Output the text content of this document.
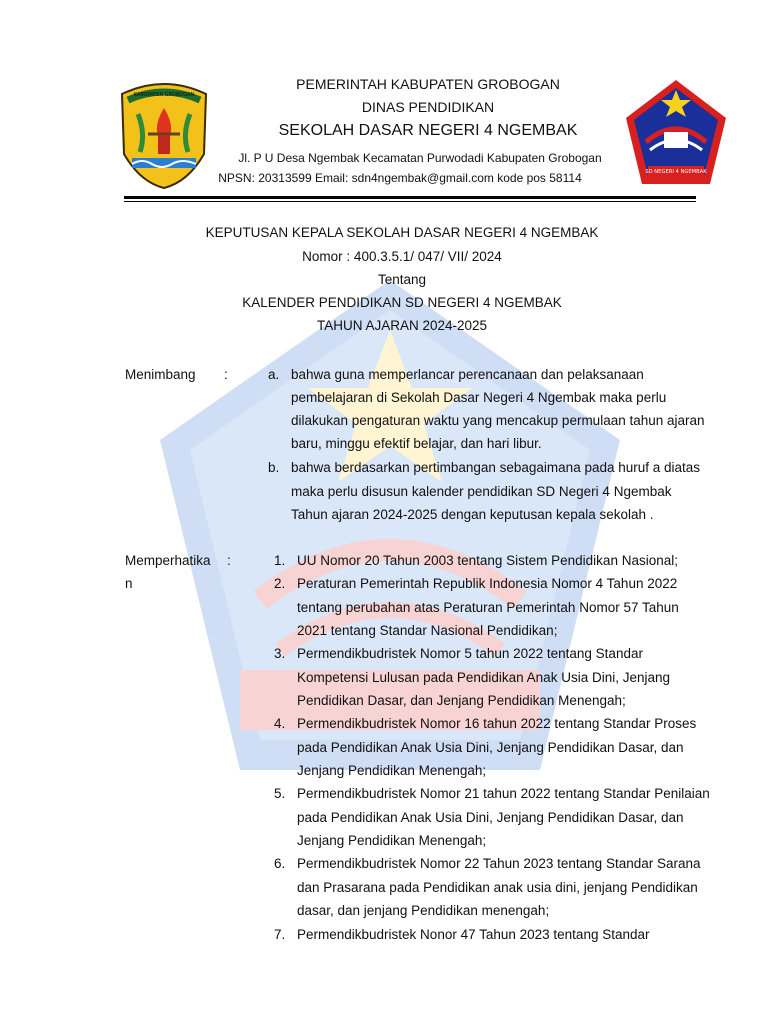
KABUPATEN GROBOGAN
SD NEGERI 4 NGEMBAK
PEMERINTAH KABUPATEN GROBOGAN
DINAS PENDIDIKAN
SEKOLAH DASAR NEGERI 4 NGEMBAK
Jl. P U Desa Ngembak Kecamatan Purwodadi Kabupaten Grobogan
NPSN: 20313599 Email: sdn4ngembak@gmail.com kode pos 58114
KEPUTUSAN KEPALA SEKOLAH DASAR NEGERI 4 NGEMBAK
Nomor : 400.3.5.1/ 047/ VII/ 2024
Tentang
KALENDER PENDIDIKAN SD NEGERI 4 NGEMBAK
TAHUN AJARAN 2024-2025
Menimbang :	a. bahwa guna memperlancar perencanaan dan pelaksanaan
pembelajaran di Sekolah Dasar Negeri 4 Ngembak maka perlu
dilakukan pengaturan waktu yang mencakup permulaan tahun ajaran
baru, minggu efektif belajar, dan hari libur.
b. bahwa berdasarkan pertimbangan sebagaimana pada huruf a diatas
maka perlu disusun kalender pendidikan SD Negeri 4 Ngembak
Tahun ajaran 2024-2025 dengan keputusan kepala sekolah .
Memperhatika
n
:	1. UU Nomor 20 Tahun 2003 tentang Sistem Pendidikan Nasional;
2. Peraturan Pemerintah Republik Indonesia Nomor 4 Tahun 2022
tentang perubahan atas Peraturan Pemerintah Nomor 57 Tahun
2021 tentang Standar Nasional Pendidikan;
3. Permendikbudristek Nomor 5 tahun 2022 tentang Standar
Kompetensi Lulusan pada Pendidikan Anak Usia Dini, Jenjang
Pendidikan Dasar, dan Jenjang Pendidikan Menengah;
4. Permendikbudristek Nomor 16 tahun 2022 tentang Standar Proses
pada Pendidikan Anak Usia Dini, Jenjang Pendidikan Dasar, dan
Jenjang Pendidikan Menengah;
5. Permendikbudristek Nomor 21 tahun 2022 tentang Standar Penilaian
pada Pendidikan Anak Usia Dini, Jenjang Pendidikan Dasar, dan
Jenjang Pendidikan Menengah;
6. Permendikbudristek Nomor 22 Tahun 2023 tentang Standar Sarana
dan Prasarana pada Pendidikan anak usia dini, jenjang Pendidikan
dasar, dan jenjang Pendidikan menengah;
7. Permendikbudristek Nonor 47 Tahun 2023 tentang Standar
